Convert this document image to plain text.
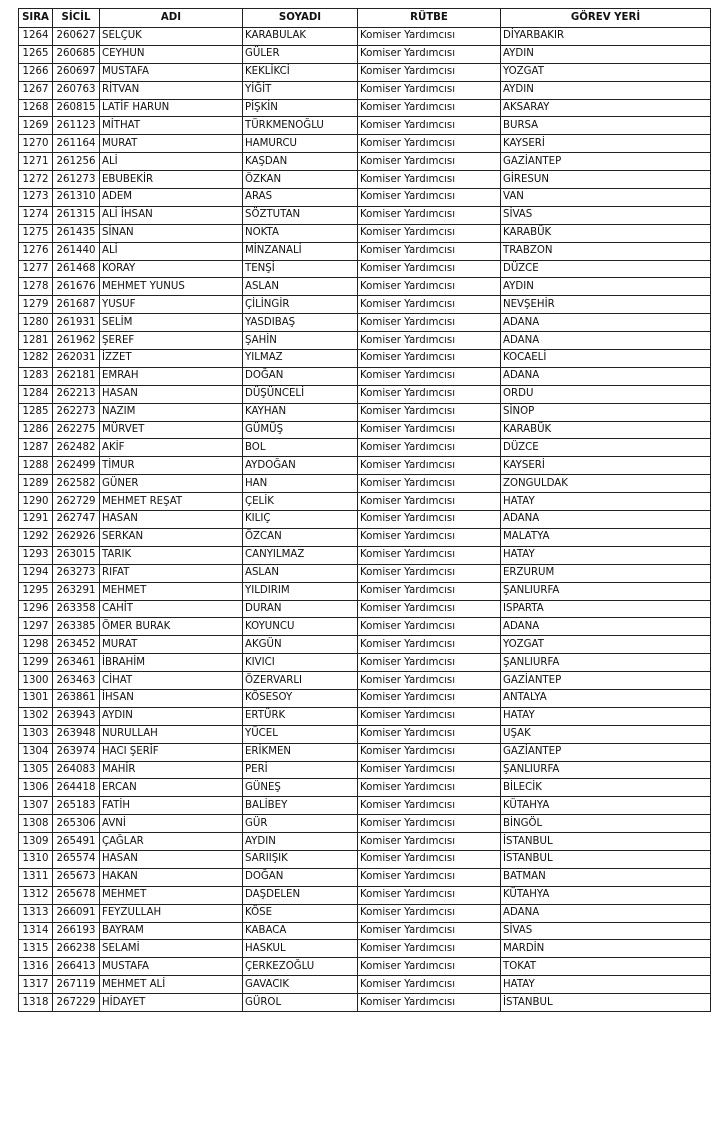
SIRA	SİCİL	ADI	SOYADI	RÜTBE	GÖREV YERİ
1264	260627	SELÇUK	KARABULAK	Komiser Yardımcısı	DİYARBAKIR
1265	260685	CEYHUN	GÜLER	Komiser Yardımcısı	AYDIN
1266	260697	MUSTAFA	KEKLİKCİ	Komiser Yardımcısı	YOZGAT
1267	260763	RİTVAN	YİĞİT	Komiser Yardımcısı	AYDIN
1268	260815	LATİF HARUN	PİŞKİN	Komiser Yardımcısı	AKSARAY
1269	261123	MİTHAT	TÜRKMENOĞLU	Komiser Yardımcısı	BURSA
1270	261164	MURAT	HAMURCU	Komiser Yardımcısı	KAYSERİ
1271	261256	ALİ	KAŞDAN	Komiser Yardımcısı	GAZİANTEP
1272	261273	EBUBEKİR	ÖZKAN	Komiser Yardımcısı	GİRESUN
1273	261310	ADEM	ARAS	Komiser Yardımcısı	VAN
1274	261315	ALİ İHSAN	SÖZTUTAN	Komiser Yardımcısı	SİVAS
1275	261435	SİNAN	NOKTA	Komiser Yardımcısı	KARABÜK
1276	261440	ALİ	MİNZANALİ	Komiser Yardımcısı	TRABZON
1277	261468	KORAY	TENŞİ	Komiser Yardımcısı	DÜZCE
1278	261676	MEHMET YUNUS	ASLAN	Komiser Yardımcısı	AYDIN
1279	261687	YUSUF	ÇİLİNGİR	Komiser Yardımcısı	NEVŞEHİR
1280	261931	SELİM	YASDIBAŞ	Komiser Yardımcısı	ADANA
1281	261962	ŞEREF	ŞAHİN	Komiser Yardımcısı	ADANA
1282	262031	İZZET	YILMAZ	Komiser Yardımcısı	KOCAELİ
1283	262181	EMRAH	DOĞAN	Komiser Yardımcısı	ADANA
1284	262213	HASAN	DÜŞÜNCELİ	Komiser Yardımcısı	ORDU
1285	262273	NAZIM	KAYHAN	Komiser Yardımcısı	SİNOP
1286	262275	MÜRVET	GÜMÜŞ	Komiser Yardımcısı	KARABÜK
1287	262482	AKİF	BOL	Komiser Yardımcısı	DÜZCE
1288	262499	TİMUR	AYDOĞAN	Komiser Yardımcısı	KAYSERİ
1289	262582	GÜNER	HAN	Komiser Yardımcısı	ZONGULDAK
1290	262729	MEHMET REŞAT	ÇELİK	Komiser Yardımcısı	HATAY
1291	262747	HASAN	KILIÇ	Komiser Yardımcısı	ADANA
1292	262926	SERKAN	ÖZCAN	Komiser Yardımcısı	MALATYA
1293	263015	TARIK	CANYILMAZ	Komiser Yardımcısı	HATAY
1294	263273	RIFAT	ASLAN	Komiser Yardımcısı	ERZURUM
1295	263291	MEHMET	YILDIRIM	Komiser Yardımcısı	ŞANLIURFA
1296	263358	CAHİT	DURAN	Komiser Yardımcısı	ISPARTA
1297	263385	ÖMER BURAK	KOYUNCU	Komiser Yardımcısı	ADANA
1298	263452	MURAT	AKGÜN	Komiser Yardımcısı	YOZGAT
1299	263461	İBRAHİM	KIVICI	Komiser Yardımcısı	ŞANLIURFA
1300	263463	CİHAT	ÖZERVARLI	Komiser Yardımcısı	GAZİANTEP
1301	263861	İHSAN	KÖSESOY	Komiser Yardımcısı	ANTALYA
1302	263943	AYDIN	ERTÜRK	Komiser Yardımcısı	HATAY
1303	263948	NURULLAH	YÜCEL	Komiser Yardımcısı	UŞAK
1304	263974	HACI ŞERİF	ERİKMEN	Komiser Yardımcısı	GAZİANTEP
1305	264083	MAHİR	PERİ	Komiser Yardımcısı	ŞANLIURFA
1306	264418	ERCAN	GÜNEŞ	Komiser Yardımcısı	BİLECİK
1307	265183	FATİH	BALİBEY	Komiser Yardımcısı	KÜTAHYA
1308	265306	AVNİ	GÜR	Komiser Yardımcısı	BİNGÖL
1309	265491	ÇAĞLAR	AYDIN	Komiser Yardımcısı	İSTANBUL
1310	265574	HASAN	SARIIŞIK	Komiser Yardımcısı	İSTANBUL
1311	265673	HAKAN	DOĞAN	Komiser Yardımcısı	BATMAN
1312	265678	MEHMET	DAŞDELEN	Komiser Yardımcısı	KÜTAHYA
1313	266091	FEYZULLAH	KÖSE	Komiser Yardımcısı	ADANA
1314	266193	BAYRAM	KABACA	Komiser Yardımcısı	SİVAS
1315	266238	SELAMİ	HASKUL	Komiser Yardımcısı	MARDİN
1316	266413	MUSTAFA	ÇERKEZOĞLU	Komiser Yardımcısı	TOKAT
1317	267119	MEHMET ALİ	GAVACIK	Komiser Yardımcısı	HATAY
1318	267229	HİDAYET	GÜROL	Komiser Yardımcısı	İSTANBUL
